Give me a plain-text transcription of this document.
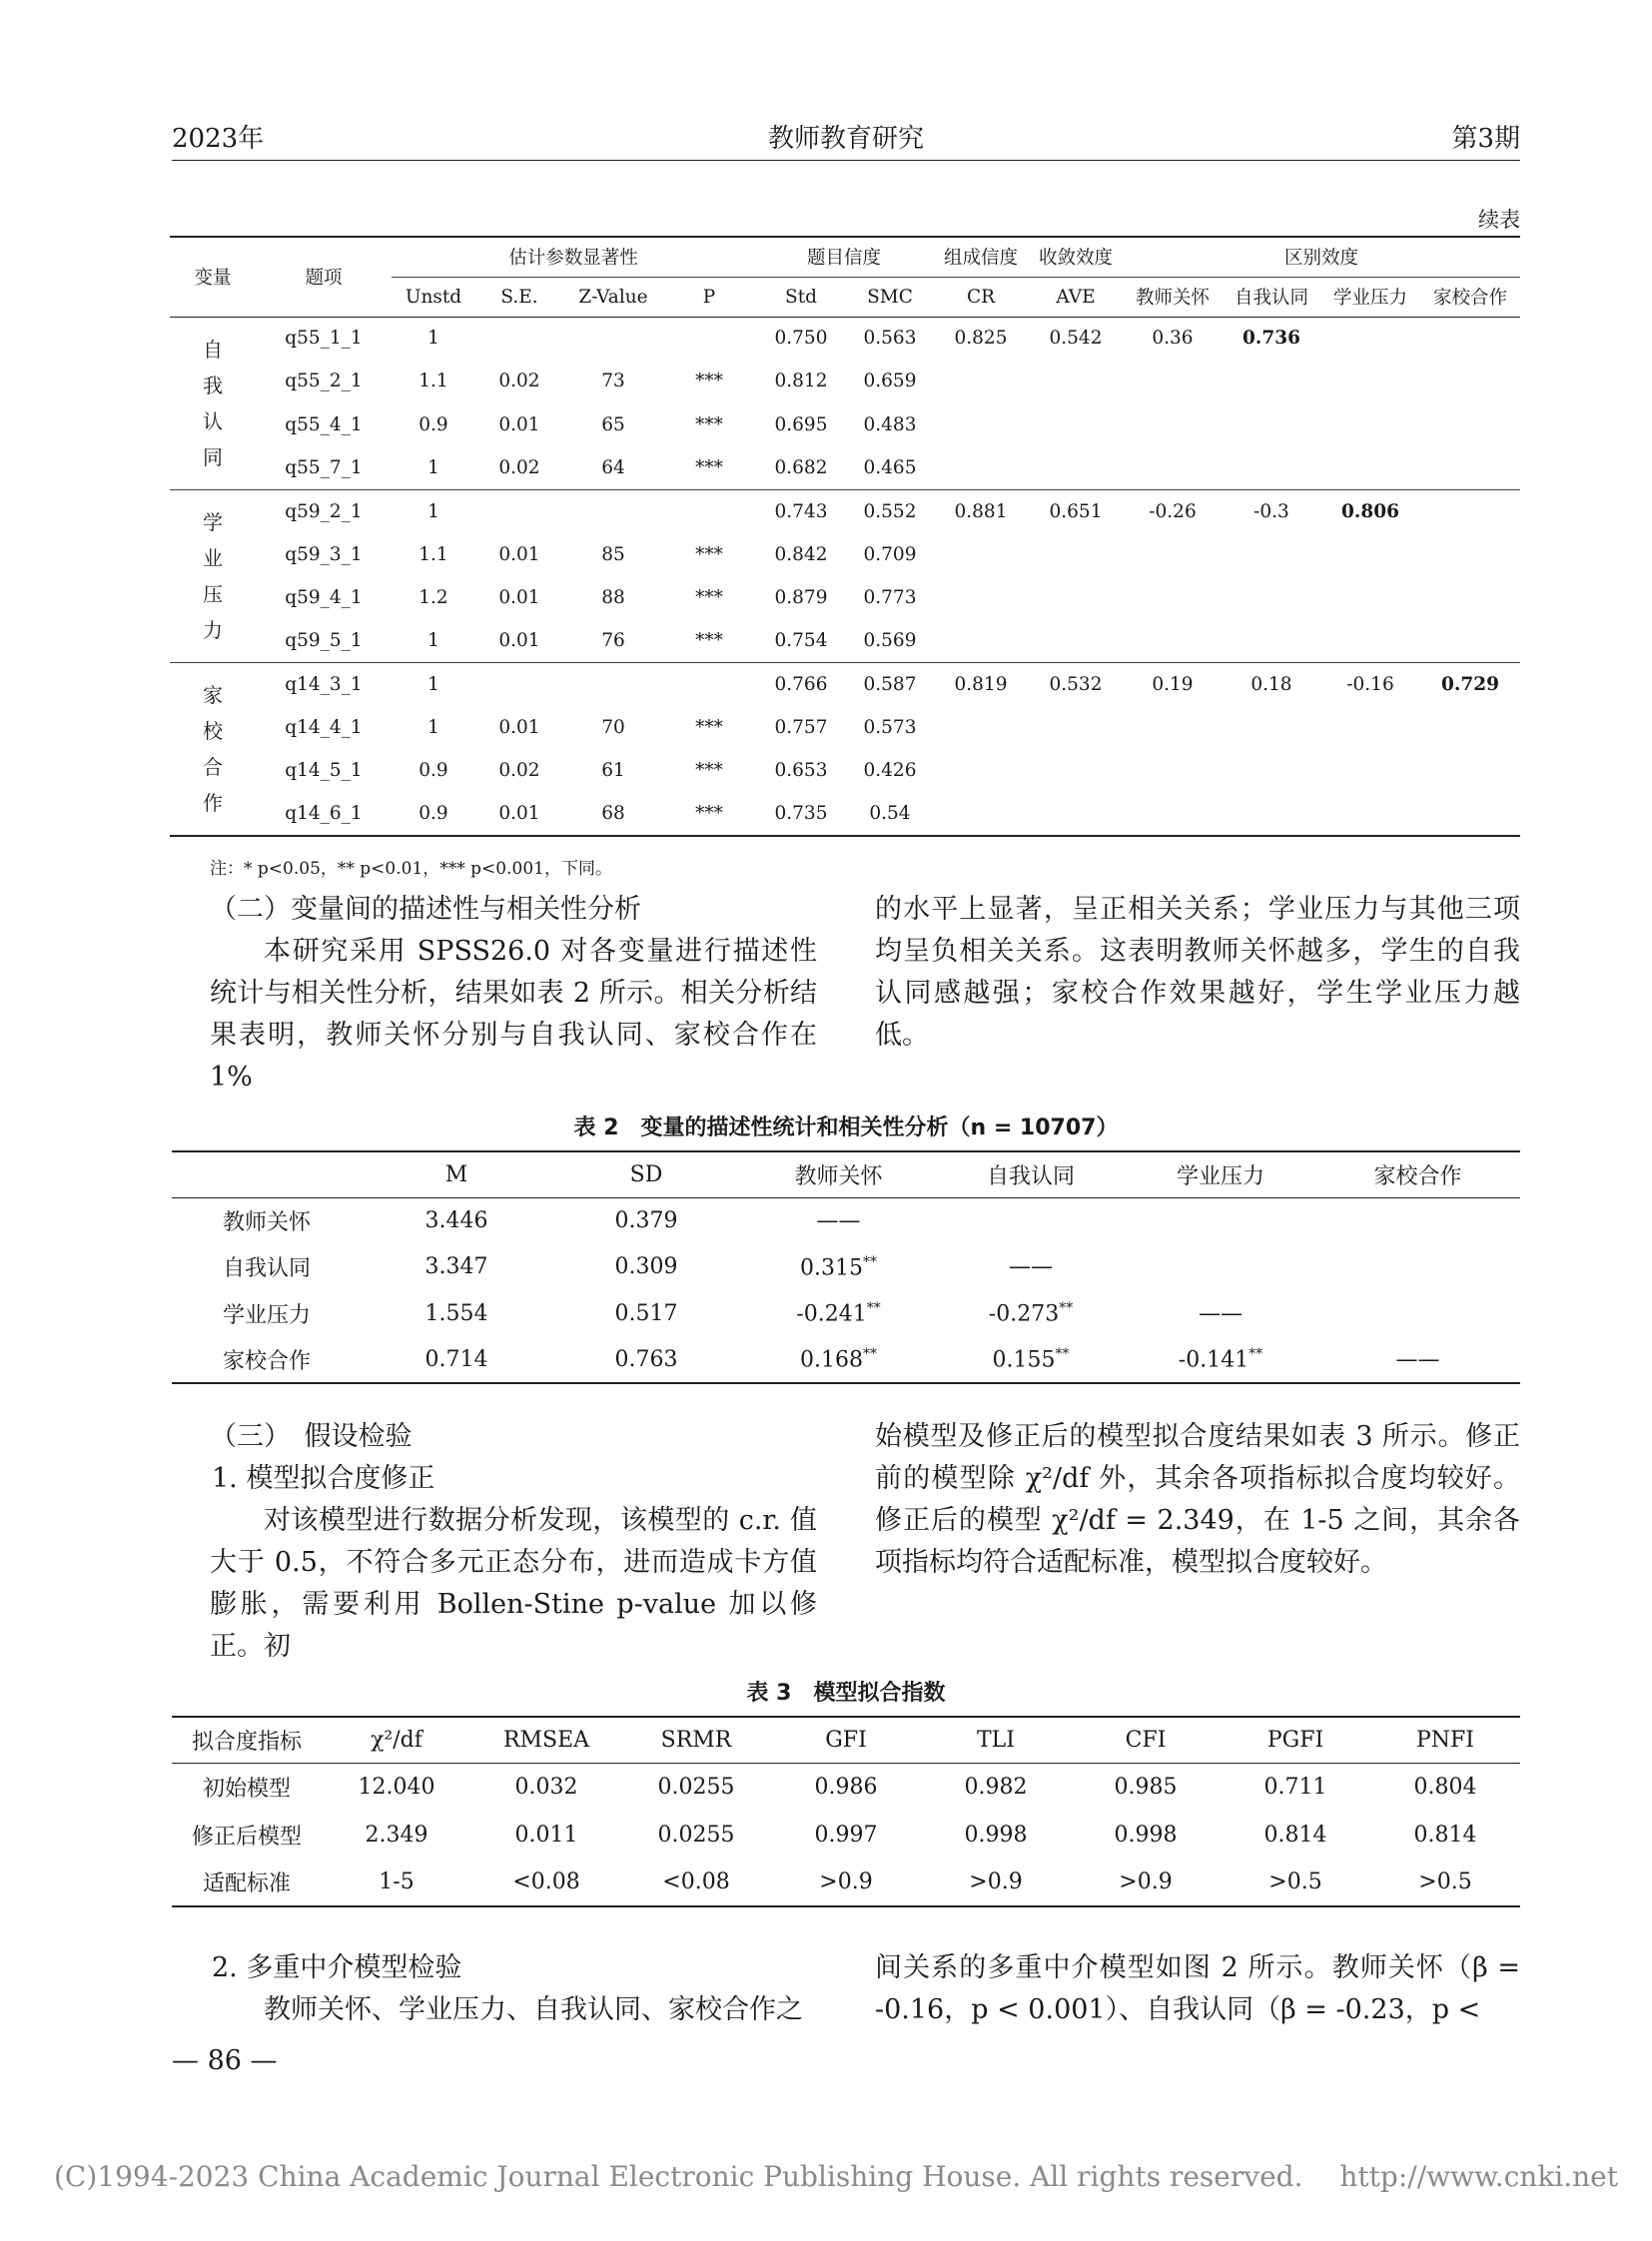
2023年	教师教育研究	第3期
续表
变量	题项	估计参数显著性				题目信度		组成信度	收敛效度	区别效度			
		Unstd	S.E.	Z-Value	P	Std	SMC	CR	AVE	教师关怀	自我认同	学业压力	家校合作

自
我
认
同	q55_1_1	1				0.750	0.563	0.825	0.542	0.36	0.736		
	q55_2_1	1.1	0.02	73	***	0.812	0.659						
	q55_4_1	0.9	0.01	65	***	0.695	0.483						
	q55_7_1	1	0.02	64	***	0.682	0.465						

学
业
压
力	q59_2_1	1				0.743	0.552	0.881	0.651	-0.26	-0.3	0.806	
	q59_3_1	1.1	0.01	85	***	0.842	0.709						
	q59_4_1	1.2	0.01	88	***	0.879	0.773						
	q59_5_1	1	0.01	76	***	0.754	0.569						

家
校
合
作	q14_3_1	1				0.766	0.587	0.819	0.532	0.19	0.18	-0.16	0.729
	q14_4_1	1	0.01	70	***	0.757	0.573						
	q14_5_1	0.9	0.02	61	***	0.653	0.426						
	q14_6_1	0.9	0.01	68	***	0.735	0.54						
注：* p<0.05，** p<0.01，*** p<0.001，下同。
（二）变量间的描述性与相关性分析

本研究采用 SPSS26.0 对各变量进行描述性统计与相关性分析，结果如表 2 所示。相关分析结果表明，教师关怀分别与自我认同、家校合作在 1%

的水平上显著，呈正相关关系；学业压力与其他三项均呈负相关关系。这表明教师关怀越多，学生的自我认同感越强；家校合作效果越好，学生学业压力越低。

表 2　变量的描述性统计和相关性分析（n = 10707）
	M	SD	教师关怀	自我认同	学业压力	家校合作
教师关怀	3.446	0.379	——			
自我认同	3.347	0.309	0.315**	——		
学业压力	1.554	0.517	-0.241**	-0.273**	——	
家校合作	0.714	0.763	0.168**	0.155**	-0.141**	——
（三）　假设检验
1. 模型拟合度修正

对该模型进行数据分析发现，该模型的 c.r. 值大于 0.5，不符合多元正态分布，进而造成卡方值膨胀，需要利用 Bollen-Stine p-value 加以修正。初

始模型及修正后的模型拟合度结果如表 3 所示。修正前的模型除 χ²/df 外，其余各项指标拟合度均较好。修正后的模型 χ²/df = 2.349，在 1-5 之间，其余各项指标均符合适配标准，模型拟合度较好。

表 3　模型拟合指数
拟合度指标	χ²/df	RMSEA	SRMR	GFI	TLI	CFI	PGFI	PNFI
初始模型	12.040	0.032	0.0255	0.986	0.982	0.985	0.711	0.804
修正后模型	2.349	0.011	0.0255	0.997	0.998	0.998	0.814	0.814
适配标准	1-5	<0.08	<0.08	>0.9	>0.9	>0.9	>0.5	>0.5
2. 多重中介模型检验

教师关怀、学业压力、自我认同、家校合作之

间关系的多重中介模型如图 2 所示。教师关怀（β = -0.16，p < 0.001）、自我认同（β = -0.23，p <

— 86 —
(C)1994-2023 China Academic Journal Electronic Publishing House. All rights reserved.　 http://www.cnki.net
